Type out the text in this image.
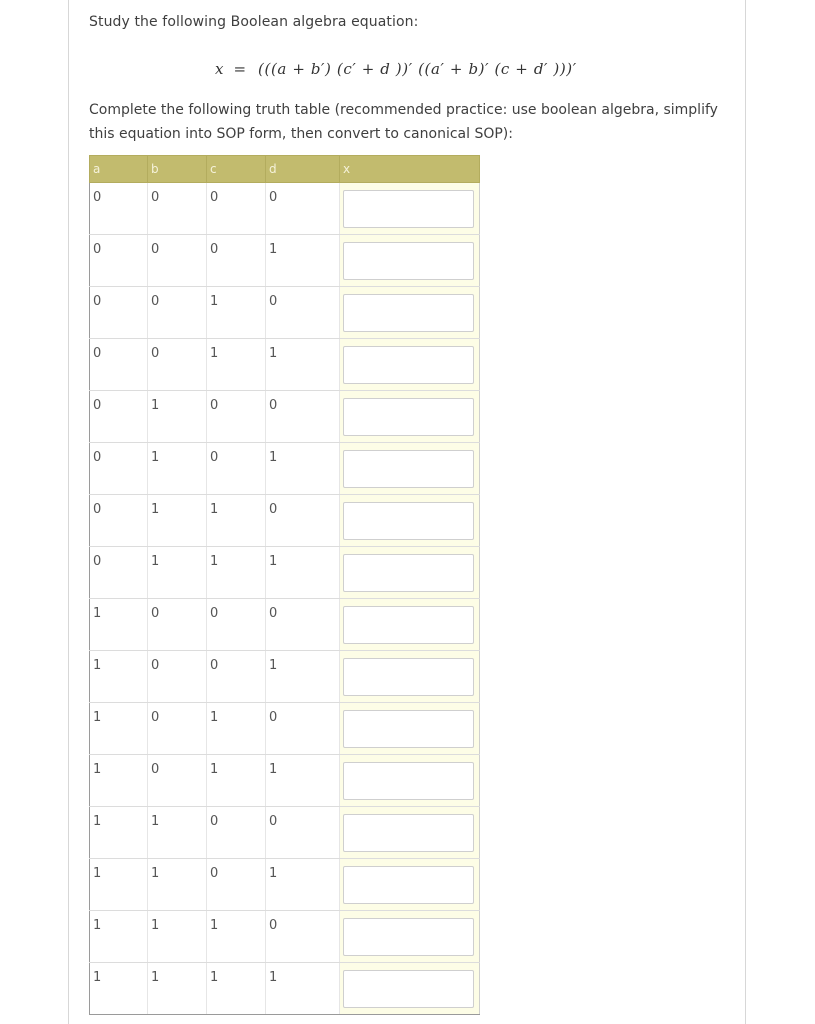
Study the following Boolean algebra equation:
x = (((a + b′) (c′ + d ))′ ((a′ + b)′ (c + d′ )))′
Complete the following truth table (recommended practice: use boolean algebra, simplify this equation into SOP form, then convert to canonical SOP):
a	b	c	d	x

0	0	0	0

0	0	0	1

0	0	1	0

0	0	1	1

0	1	0	0

0	1	0	1

0	1	1	0

0	1	1	1

1	0	0	0

1	0	0	1

1	0	1	0

1	0	1	1

1	1	0	0

1	1	0	1

1	1	1	0

1	1	1	1
